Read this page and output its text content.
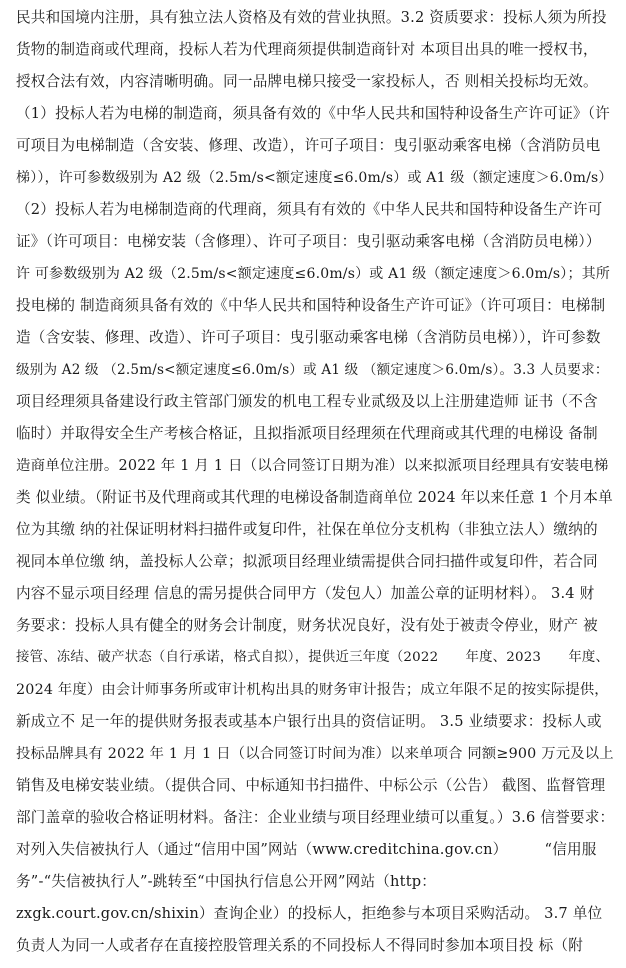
民共和国境内注册，具有独立法人资格及有效的营业执照。3.2 资质要求：投标人须为所投
货物的制造商或代理商，投标人若为代理商须提供制造商针对 本项目出具的唯一授权书，
授权合法有效，内容清晰明确。同一品牌电梯只接受一家投标人，否 则相关投标均无效。
（1）投标人若为电梯的制造商，须具备有效的《中华人民共和国特种设备生产许可证》（许
可项目为电梯制造（含安装、修理、改造），许可子项目：曳引驱动乘客电梯（含消防员电
梯）），许可参数级别为 A2 级（2.5m/s<额定速度≤6.0m/s）或 A1 级（额定速度＞6.0m/s）
（2）投标人若为电梯制造商的代理商，须具有有效的《中华人民共和国特种设备生产许可
证》（许可项目：电梯安装（含修理）、许可子项目：曳引驱动乘客电梯（含消防员电梯））
许 可参数级别为 A2 级（2.5m/s<额定速度≤6.0m/s）或 A1 级（额定速度＞6.0m/s）；其所
投电梯的 制造商须具备有效的《中华人民共和国特种设备生产许可证》（许可项目：电梯制
造（含安装、修理、改造）、许可子项目：曳引驱动乘客电梯（含消防员电梯）），许可参数
级别为 A2 级 （2.5m/s<额定速度≤6.0m/s）或 A1 级 （额定速度＞6.0m/s）。3.3 人员要求：
项目经理须具备建设行政主管部门颁发的机电工程专业贰级及以上注册建造师 证书（不含
临时）并取得安全生产考核合格证，且拟指派项目经理须在代理商或其代理的电梯设 备制
造商单位注册。2022 年 1 月 1 日（以合同签订日期为准）以来拟派项目经理具有安装电梯
类 似业绩。（附证书及代理商或其代理的电梯设备制造商单位 2024 年以来任意 1 个月本单
位为其缴 纳的社保证明材料扫描件或复印件，社保在单位分支机构（非独立法人）缴纳的
视同本单位缴 纳，盖投标人公章；拟派项目经理业绩需提供合同扫描件或复印件，若合同
内容不显示项目经理 信息的需另提供合同甲方（发包人）加盖公章的证明材料）。 3.4 财
务要求：投标人具有健全的财务会计制度，财务状况良好，没有处于被责令停业，财产 被
接管、冻结、破产状态（自行承诺，格式自拟），提供近三年度（2022　　年度、2023　　年度、
2024 年度）由会计师事务所或审计机构出具的财务审计报告；成立年限不足的按实际提供，
新成立不 足一年的提供财务报表或基本户银行出具的资信证明。 3.5 业绩要求：投标人或
投标品牌具有 2022 年 1 月 1 日（以合同签订时间为准）以来单项合 同额≥900 万元及以上
销售及电梯安装业绩。（提供合同、中标通知书扫描件、中标公示（公告） 截图、监督管理
部门盖章的验收合格证明材料。备注：企业业绩与项目经理业绩可以重复。）3.6 信誉要求：
对列入失信被执行人（通过“信用中国”网站（www.creditchina.gov.cn）　　　“信用服
务”-“失信被执行人”-跳转至“中国执行信息公开网”网站（http：
zxgk.court.gov.cn/shixin）查询企业）的投标人，拒绝参与本项目采购活动。 3.7 单位
负责人为同一人或者存在直接控股管理关系的不同投标人不得同时参加本项目投 标（附
